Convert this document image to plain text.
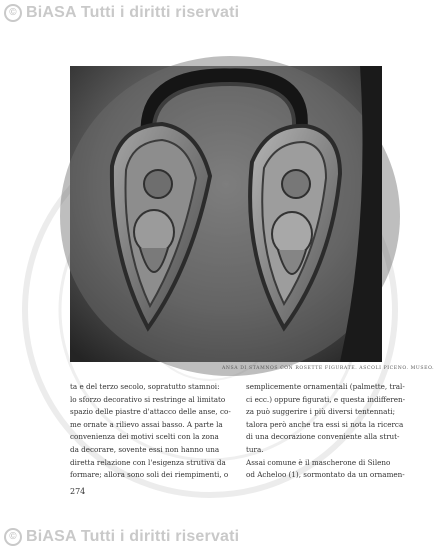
© BiASA Tutti i diritti riservati
ANSA DI STAMNOS CON ROSETTE FIGURATE. ASCOLI PICENO. MUSEO.

ta e del terzo secolo, sopratutto stamnoi:

lo sforzo decorativo si restringe al limitato

spazio delle piastre d'attacco delle anse, co-

me ornate a rilievo assai basso. A parte la

convenienza dei motivi scelti con la zona

da decorare, sovente essi non hanno una

diretta relazione con l'esigenza strutiva da

formare; allora sono soli dei riempimenti, o

semplicemente ornamentali (palmette, tral-

ci ecc.) oppure figurati, e questa indifferen-

za può suggerire i più diversi tentennati;

talora però anche tra essi si nota la ricerca

di una decorazione conveniente alla strut-

tura.

Assai comune è il mascherone di Sileno

od Acheloo (1), sormontato da un ornamen-

274
© BiASA Tutti i diritti riservati
